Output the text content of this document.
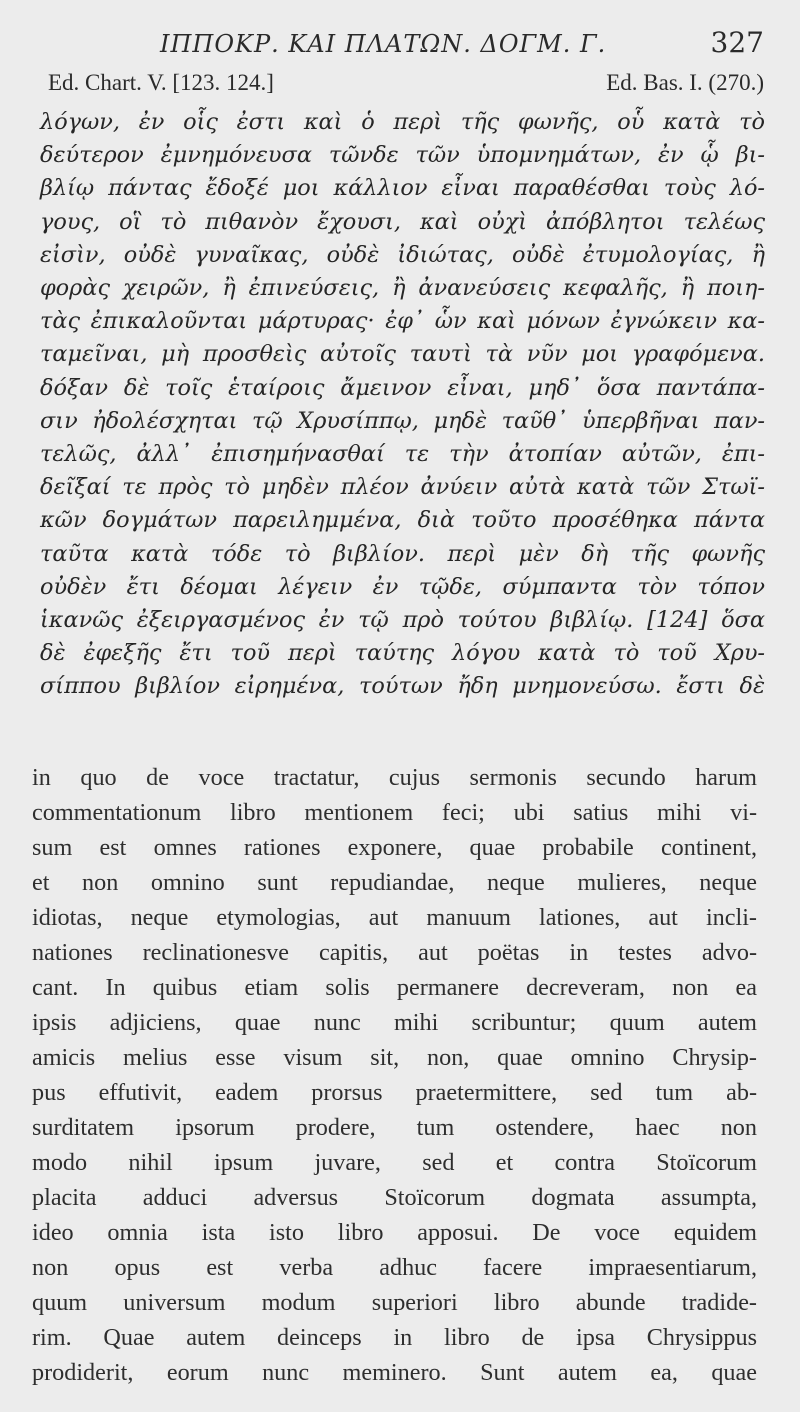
ΙΠΠΟΚΡ. ΚΑΙ ΠΛΑΤΩΝ. ΔΟΓΜ. Γ.	327
Ed. Chart. V. [123. 124.]	Ed. Bas. I. (270.)
λόγων, ἐν οἷς ἐστι καὶ ὁ περὶ τῆς φωνῆς, οὗ κατὰ τὸ
δεύτερον ἐμνημόνευσα τῶνδε τῶν ὑπομνημάτων, ἐν ᾧ βι-
βλίῳ πάντας ἔδοξέ μοι κάλλιον εἶναι παραθέσθαι τοὺς λό-
γους, οἳ τὸ πιθανὸν ἔχουσι, καὶ οὐχὶ ἀπόβλητοι τελέως
εἰσὶν, οὐδὲ γυναῖκας, οὐδὲ ἰδιώτας, οὐδὲ ἐτυμολογίας, ἢ
φορὰς χειρῶν, ἢ ἐπινεύσεις, ἢ ἀνανεύσεις κεφαλῆς, ἢ ποιη-
τὰς ἐπικαλοῦνται μάρτυρας· ἐφ᾽ ὧν καὶ μόνων ἐγνώκειν κα-
ταμεῖναι, μὴ προσθεὶς αὐτοῖς ταυτὶ τὰ νῦν μοι γραφόμενα.
δόξαν δὲ τοῖς ἑταίροις ἄμεινον εἶναι, μηδ᾽ ὅσα παντάπα-
σιν ἠδολέσχηται τῷ Χρυσίππῳ, μηδὲ ταῦθ᾽ ὑπερβῆναι παν-
τελῶς, ἀλλ᾽ ἐπισημήνασθαί τε τὴν ἀτοπίαν αὐτῶν, ἐπι-
δεῖξαί τε πρὸς τὸ μηδὲν πλέον ἀνύειν αὐτὰ κατὰ τῶν Στωϊ-
κῶν δογμάτων παρειλημμένα, διὰ τοῦτο προσέθηκα πάντα
ταῦτα κατὰ τόδε τὸ βιβλίον. περὶ μὲν δὴ τῆς φωνῆς
οὐδὲν ἔτι δέομαι λέγειν ἐν τῷδε, σύμπαντα τὸν τόπον
ἱκανῶς ἐξειργασμένος ἐν τῷ πρὸ τούτου βιβλίῳ. [124] ὅσα
δὲ ἐφεξῆς ἔτι τοῦ περὶ ταύτης λόγου κατὰ τὸ τοῦ Χρυ-
σίππου βιβλίον εἰρημένα, τούτων ἤδη μνημονεύσω. ἔστι δὲ
in quo de voce tractatur, cujus sermonis secundo harum
commentationum libro mentionem feci; ubi satius mihi vi-
sum est omnes rationes exponere, quae probabile continent,
et non omnino sunt repudiandae, neque mulieres, neque
idiotas, neque etymologias, aut manuum lationes, aut incli-
nationes reclinationesve capitis, aut poëtas in testes advo-
cant. In quibus etiam solis permanere decreveram, non ea
ipsis adjiciens, quae nunc mihi scribuntur; quum autem
amicis melius esse visum sit, non, quae omnino Chrysip-
pus effutivit, eadem prorsus praetermittere, sed tum ab-
surditatem ipsorum prodere, tum ostendere, haec non
modo nihil ipsum juvare, sed et contra Stoïcorum
placita adduci adversus Stoïcorum dogmata assumpta,
ideo omnia ista isto libro apposui. De voce equidem
non opus est verba adhuc facere impraesentiarum,
quum universum modum superiori libro abunde tradide-
rim. Quae autem deinceps in libro de ipsa Chrysippus
prodiderit, eorum nunc meminero. Sunt autem ea, quae
